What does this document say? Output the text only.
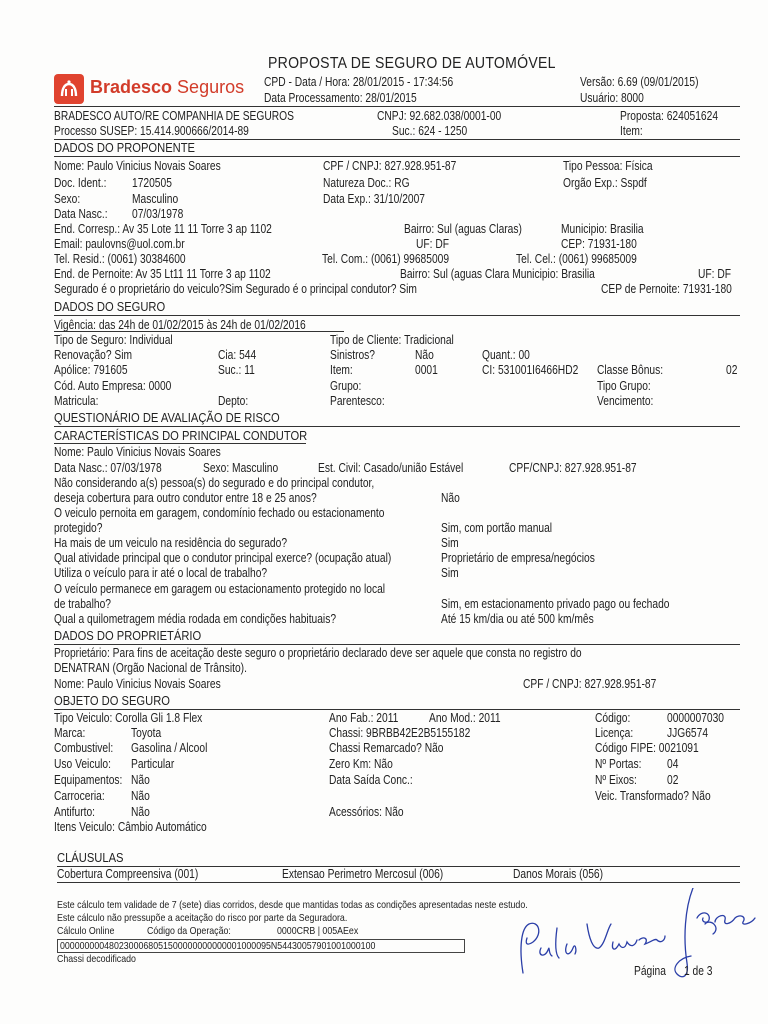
Bradesco Seguros
PROPOSTA DE SEGURO DE AUTOMÓVEL
CPD - Data / Hora: 28/01/2015 - 17:34:56
Data Processamento: 28/01/2015
Versão: 6.69 (09/01/2015)
Usuário: 8000
BRADESCO AUTO/RE COMPANHIA DE SEGUROS	CNPJ: 92.682.038/0001-00	Proposta: 624051624
Processo SUSEP: 15.414.900666/2014-89	Suc.: 624 - 1250	Item:
DADOS DO PROPONENTE
Nome: Paulo Vinicius Novais Soares	CPF / CNPJ: 827.928.951-87	Tipo Pessoa: Física
Doc. Ident.: 1720505	Natureza Doc.: RG	Orgão Exp.: Sspdf
Sexo:	Masculino	Data Exp.: 31/10/2007
Data Nasc.: 07/03/1978
End. Corresp.: Av 35 Lote 11 11 Torre 3 ap 1102	Bairro: Sul (aguas Claras)	Municipio: Brasilia
Email: paulovns@uol.com.br	UF: DF	CEP: 71931-180
Tel. Resid.: (0061) 30384600	Tel. Com.: (0061) 99685009	Tel. Cel.: (0061) 99685009
End. de Pernoite: Av 35 Lt11 11 Torre 3 ap 1102	Bairro: Sul (aguas Clara Municipio: Brasilia	UF: DF
Segurado é o proprietário do veiculo?Sim Segurado é o principal condutor? Sim	CEP de Pernoite: 71931-180
DADOS DO SEGURO
Vigência: das 24h de 01/02/2015 às 24h de 01/02/2016
Tipo de Seguro: Individual	Tipo de Cliente: Tradicional
Renovação? Sim	Cia: 544	Sinistros?	Não	Quant.: 00
Apólice: 791605	Suc.: 11	Item:	0001	CI: 531001I6466HD2 Classe Bônus:	02
Cód. Auto Empresa: 0000	Grupo:	Tipo Grupo:
Matricula:	Depto:	Parentesco:	Vencimento:
QUESTIONÁRIO DE AVALIAÇÃO DE RISCO
CARACTERÍSTICAS DO PRINCIPAL CONDUTOR
Nome: Paulo Vinicius Novais Soares
Data Nasc.: 07/03/1978	Sexo: Masculino	Est. Civil: Casado/união Estável	CPF/CNPJ: 827.928.951-87
Não considerando a(s) pessoa(s) do segurado e do principal condutor,
deseja cobertura para outro condutor entre 18 e 25 anos?	Não
O veiculo pernoita em garagem, condomínio fechado ou estacionamento
protegido?	Sim, com portão manual
Ha mais de um veiculo na residência do segurado?	Sim
Qual atividade principal que o condutor principal exerce? (ocupação atual)	Proprietário de empresa/negócios
Utiliza o veículo para ir até o local de trabalho?	Sim
O veículo permanece em garagem ou estacionamento protegido no local
de trabalho?	Sim, em estacionamento privado pago ou fechado
Qual a quilometragem média rodada em condições habituais?	Até 15 km/dia ou até 500 km/mês
DADOS DO PROPRIETÁRIO
Proprietário: Para fins de aceitação deste seguro o proprietário declarado deve ser aquele que consta no registro do
DENATRAN (Orgão Nacional de Trânsito).
Nome: Paulo Vinicius Novais Soares	CPF / CNPJ: 827.928.951-87
OBJETO DO SEGURO
Tipo Veiculo: Corolla Gli 1.8 Flex	Ano Fab.: 2011 Ano Mod.: 2011	Código:	0000007030
Marca:	Toyota	Chassi: 9BRBB42E2B5155182	Licença:	JJG6574
Combustivel: Gasolina / Alcool	Chassi Remarcado? Não	Código FIPE: 0021091
Uso Veiculo: Particular	Zero Km: Não	Nº Portas: 04
Equipamentos: Não	Data Saída Conc.:	Nº Eixos: 02
Carroceria: Não	Veic. Transformado? Não
Antifurto:	Não	Acessórios: Não
Itens Veiculo: Câmbio Automático
CLÁUSULAS
Cobertura Compreensiva (001)	Extensao Perimetro Mercosul (006)	Danos Morais (056)
Este cálculo tem validade de 7 (sete) dias corridos, desde que mantidas todas as condições apresentadas neste estudo.
Este cálculo não pressupõe a aceitação do risco por parte da Seguradora.
Cálculo Online	Código da Operação:	0000CRB | 005AEex
0000000004802300068051500000000000001000095N54430057901001000100
Chassi decodificado
Página 1 de 3
